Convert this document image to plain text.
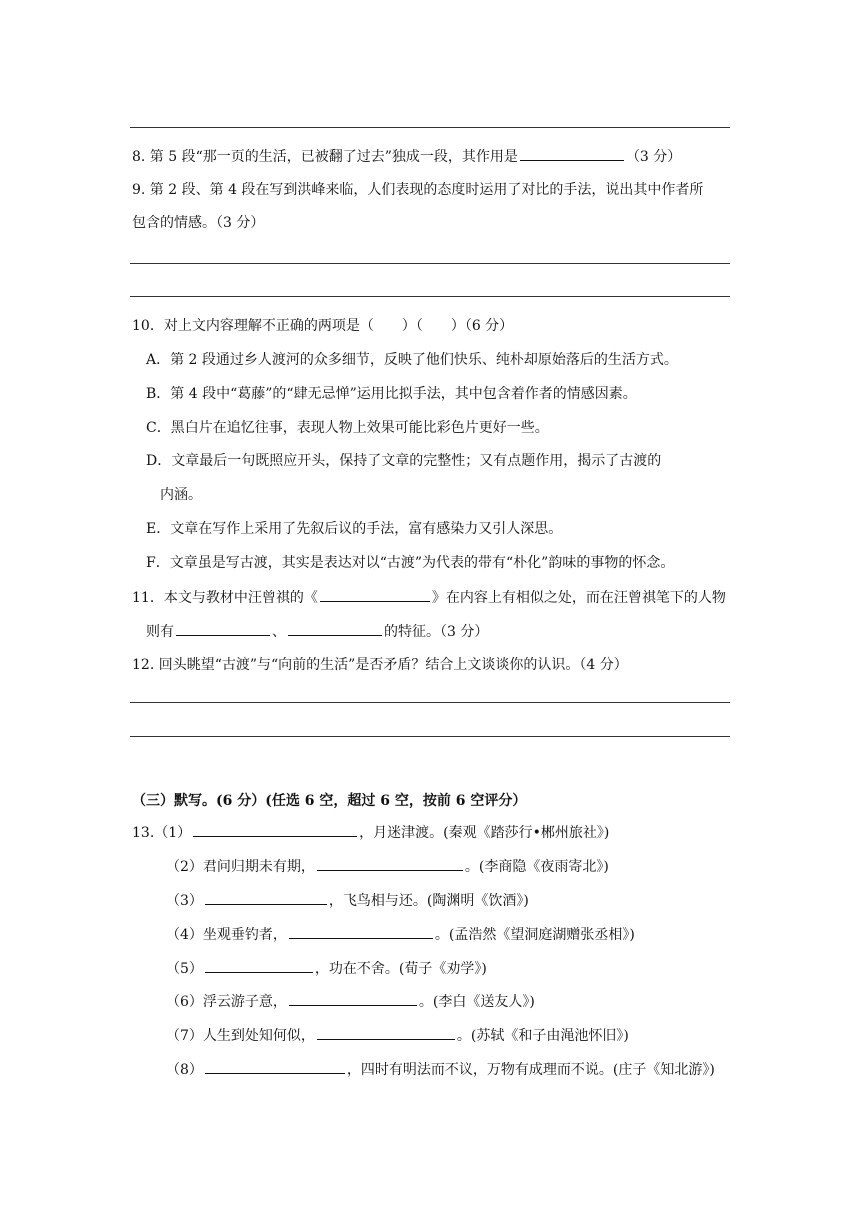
8. 第 5 段“那一页的生活，已被翻了过去”独成一段，其作用是	（3 分）
9. 第 2 段、第 4 段在写到洪峰来临，人们表现的态度时运用了对比的手法，说出其中作者所
包含的情感。（3 分）
10．对上文内容理解不正确的两项是（　　）（　　）（6 分）
A．第 2 段通过乡人渡河的众多细节，反映了他们快乐、纯朴却原始落后的生活方式。
B．第 4 段中“葛藤”的“肆无忌惮”运用比拟手法，其中包含着作者的情感因素。
C．黑白片在追忆往事，表现人物上效果可能比彩色片更好一些。
D．文章最后一句既照应开头，保持了文章的完整性；又有点题作用，揭示了古渡的
内涵。
E．文章在写作上采用了先叙后议的手法，富有感染力又引人深思。
F．文章虽是写古渡，其实是表达对以“古渡”为代表的带有“朴化”韵味的事物的怀念。
11．本文与教材中汪曾祺的《	》在内容上有相似之处，而在汪曾祺笔下的人物
则有	、	的特征。（3 分）
12. 回头眺望“古渡”与“向前的生活”是否矛盾？结合上文谈谈你的认识。（4 分）
（三）默写。(6 分）(任选 6 空，超过 6 空，按前 6 空评分）
13.（1）	，月迷津渡。(秦观《踏莎行•郴州旅社》)
（2）君问归期未有期，	。(李商隐《夜雨寄北》)
（3）	，飞鸟相与还。(陶渊明《饮酒》)
（4）坐观垂钓者，	。(孟浩然《望洞庭湖赠张丞相》)
（5）	，功在不舍。(荀子《劝学》)
（6）浮云游子意，	。(李白《送友人》)
（7）人生到处知何似，	。(苏轼《和子由渑池怀旧》)
（8）	，四时有明法而不议，万物有成理而不说。(庄子《知北游》)
